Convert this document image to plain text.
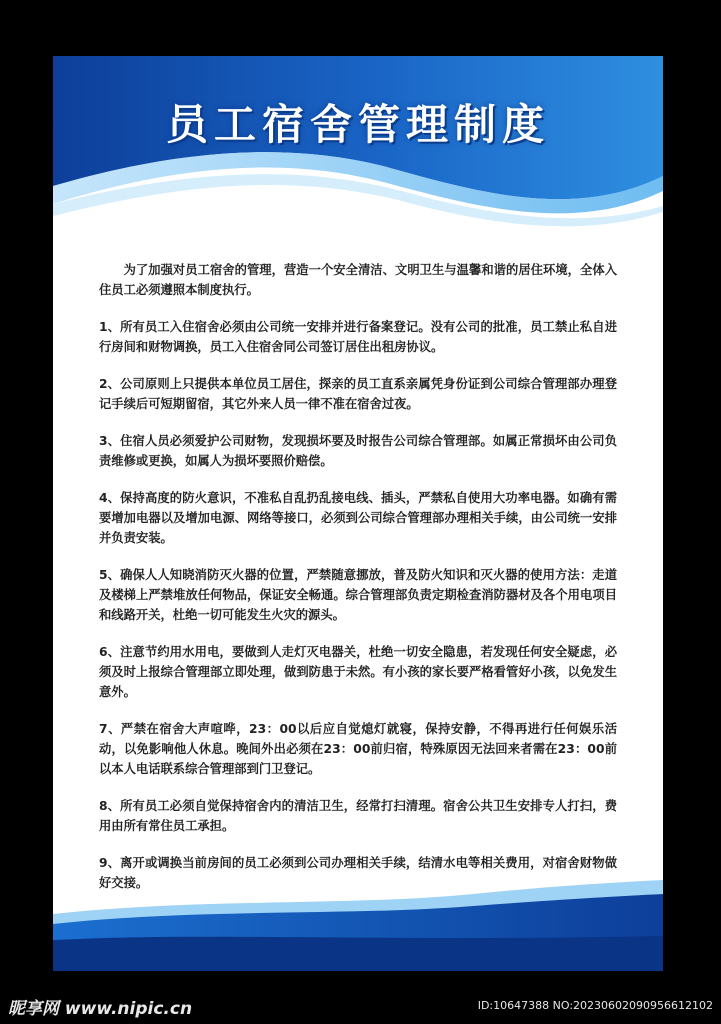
员工宿舍管理制度

为了加强对员工宿舍的管理，营造一个安全清洁、文明卫生与温馨和谐的居住环境，全体入住员工必须遵照本制度执行。

1、所有员工入住宿舍必须由公司统一安排并进行备案登记。没有公司的批准，员工禁止私自进行房间和财物调换，员工入住宿舍同公司签订居住出租房协议。

2、公司原则上只提供本单位员工居住，探亲的员工直系亲属凭身份证到公司综合管理部办理登记手续后可短期留宿，其它外来人员一律不准在宿舍过夜。

3、住宿人员必须爱护公司财物，发现损坏要及时报告公司综合管理部。如属正常损坏由公司负责维修或更换，如属人为损坏要照价赔偿。

4、保持高度的防火意识，不准私自乱扔乱接电线、插头，严禁私自使用大功率电器。如确有需要增加电器以及增加电源、网络等接口，必须到公司综合管理部办理相关手续，由公司统一安排并负责安装。

5、确保人人知晓消防灭火器的位置，严禁随意挪放，普及防火知识和灭火器的使用方法：走道及楼梯上严禁堆放任何物品，保证安全畅通。综合管理部负责定期检查消防器材及各个用电项目和线路开关，杜绝一切可能发生火灾的源头。

6、注意节约用水用电，要做到人走灯灭电器关，杜绝一切安全隐患，若发现任何安全疑虑，必须及时上报综合管理部立即处理，做到防患于未然。有小孩的家长要严格看管好小孩，以免发生意外。

7、严禁在宿舍大声喧哗，23：00以后应自觉熄灯就寝，保持安静，不得再进行任何娱乐活动，以免影响他人休息。晚间外出必须在23：00前归宿，特殊原因无法回来者需在23：00前以本人电话联系综合管理部到门卫登记。

8、所有员工必须自觉保持宿舍内的清洁卫生，经常打扫清理。宿舍公共卫生安排专人打扫，费用由所有常住员工承担。

9、离开或调换当前房间的员工必须到公司办理相关手续，结清水电等相关费用，对宿舍财物做好交接。

昵享网 www.nipic.cn	ID:10647388 NO:20230602090956612102
